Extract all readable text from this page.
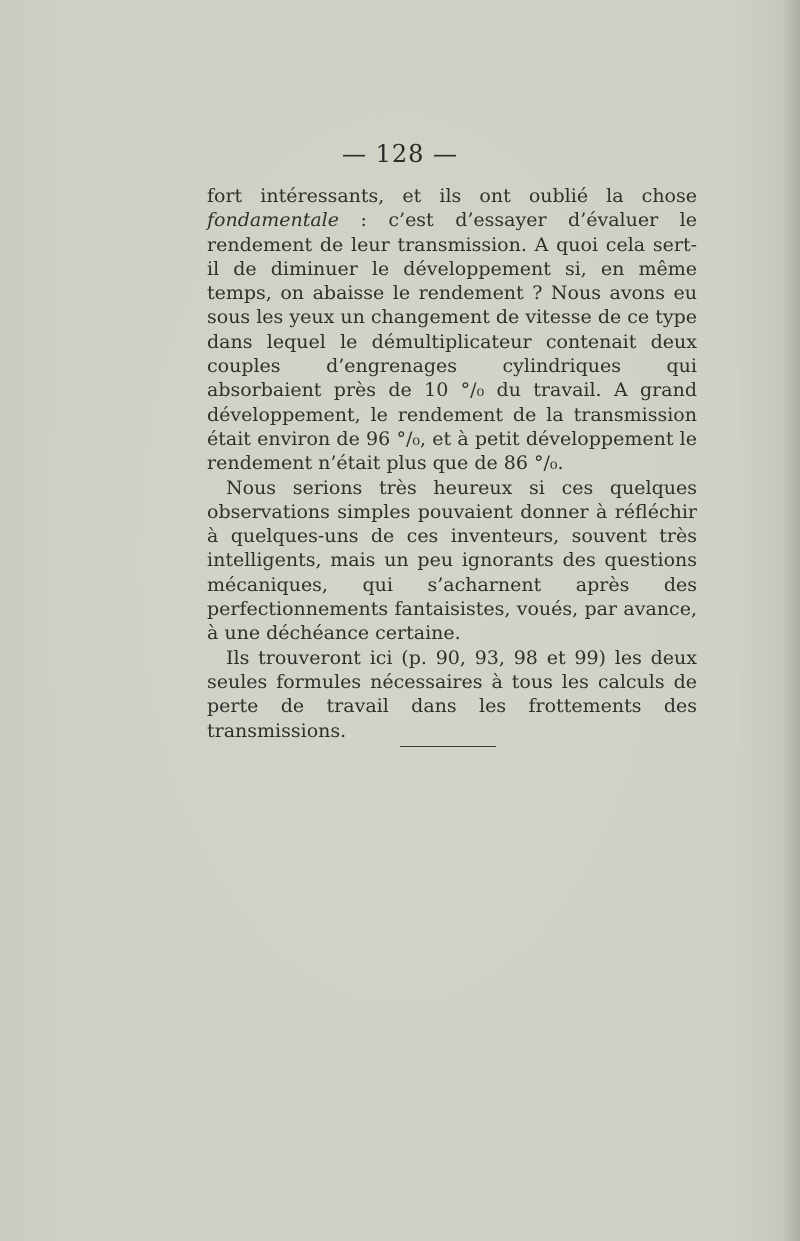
— 128 —

fort intéressants, et ils ont oublié la chose fondamentale : c’est d’essayer d’évaluer le rendement de leur transmission. A quoi cela sert-il de diminuer le développement si, en même temps, on abaisse le rendement ? Nous avons eu sous les yeux un changement de vitesse de ce type dans lequel le démultiplicateur contenait deux couples d’engrenages cylindriques qui absorbaient près de 10 °/₀ du travail. A grand développement, le rendement de la transmission était environ de 96 °/₀, et à petit développement le rendement n’était plus que de 86 °/₀.

Nous serions très heureux si ces quelques observations simples pouvaient donner à réfléchir à quelques-uns de ces inventeurs, souvent très intelligents, mais un peu ignorants des questions mécaniques, qui s’acharnent après des perfectionnements fantaisistes, voués, par avance, à une déchéance certaine.

Ils trouveront ici (p. 90, 93, 98 et 99) les deux seules formules nécessaires à tous les calculs de perte de travail dans les frottements des transmissions.
